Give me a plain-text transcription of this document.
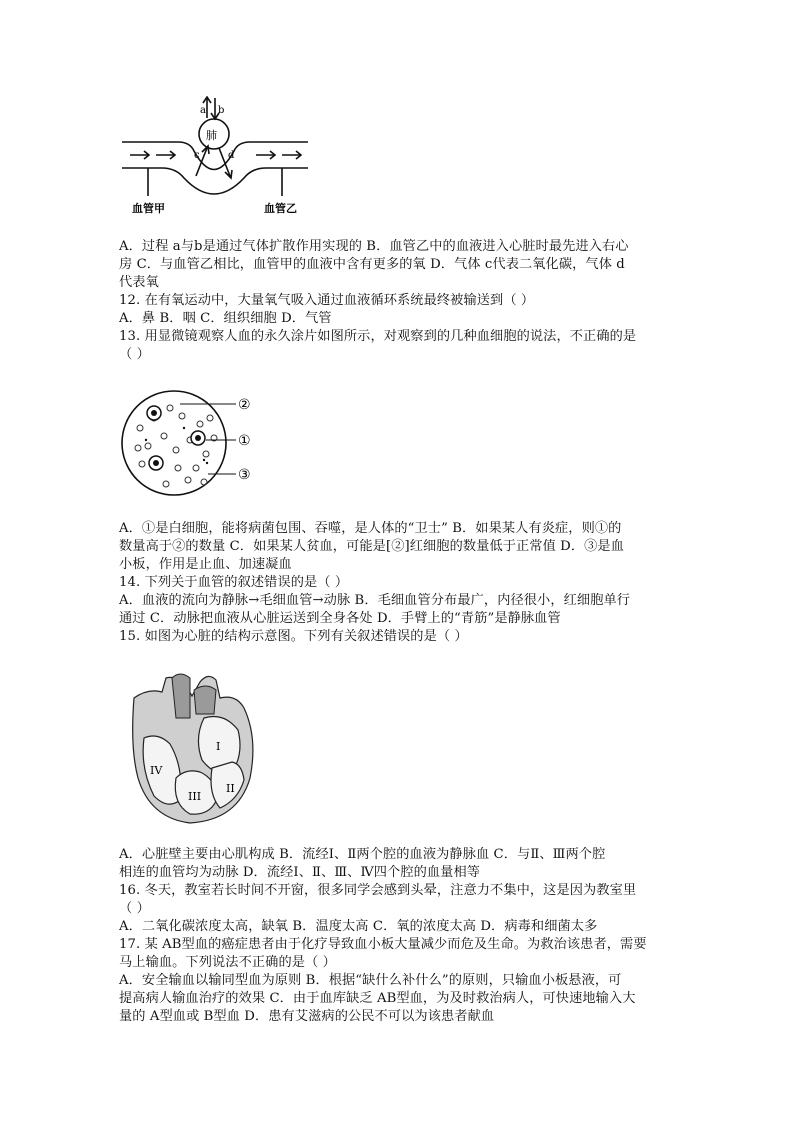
a b
肺
c	d
血管甲	血管乙
A．过程 a与b是通过气体扩散作用实现的 B．血管乙中的血液进入心脏时最先进入右心
房 C．与血管乙相比，血管甲的血液中含有更多的氧 D．气体 c代表二氧化碳，气体 d
代表氧
12. 在有氧运动中，大量氧气吸入通过血液循环系统最终被输送到（ ）
A．鼻 B．咽 C．组织细胞 D．气管
13. 用显微镜观察人血的永久涂片如图所示，对观察到的几种血细胞的说法，不正确的是
（ ）
②
①
③
A．①是白细胞，能将病菌包围、吞噬，是人体的“卫士” B．如果某人有炎症，则①的
数量高于②的数量 C．如果某人贫血，可能是[②]红细胞的数量低于正常值 D．③是血
小板，作用是止血、加速凝血
14. 下列关于血管的叙述错误的是（ ）
A．血液的流向为静脉→毛细血管→动脉 B．毛细血管分布最广，内径很小，红细胞单行
通过 C．动脉把血液从心脏运送到全身各处 D．手臂上的“青筋”是静脉血管
15. 如图为心脏的结构示意图。下列有关叙述错误的是（ ）
I
II
III
IV
A．心脏壁主要由心肌构成 B．流经Ⅰ、Ⅱ两个腔的血液为静脉血 C．与Ⅱ、Ⅲ两个腔
相连的血管均为动脉 D．流经Ⅰ、Ⅱ、Ⅲ、Ⅳ四个腔的血量相等
16. 冬天，教室若长时间不开窗，很多同学会感到头晕，注意力不集中，这是因为教室里
（ ）
A．二氧化碳浓度太高，缺氧 B．温度太高 C．氧的浓度太高 D．病毒和细菌太多
17. 某 AB型血的癌症患者由于化疗导致血小板大量减少而危及生命。为救治该患者，需要
马上输血。下列说法不正确的是（ ）
A．安全输血以输同型血为原则 B．根据“缺什么补什么”的原则，只输血小板悬液，可
提高病人输血治疗的效果 C．由于血库缺乏 AB型血，为及时救治病人，可快速地输入大
量的 A型血或 B型血 D．患有艾滋病的公民不可以为该患者献血
